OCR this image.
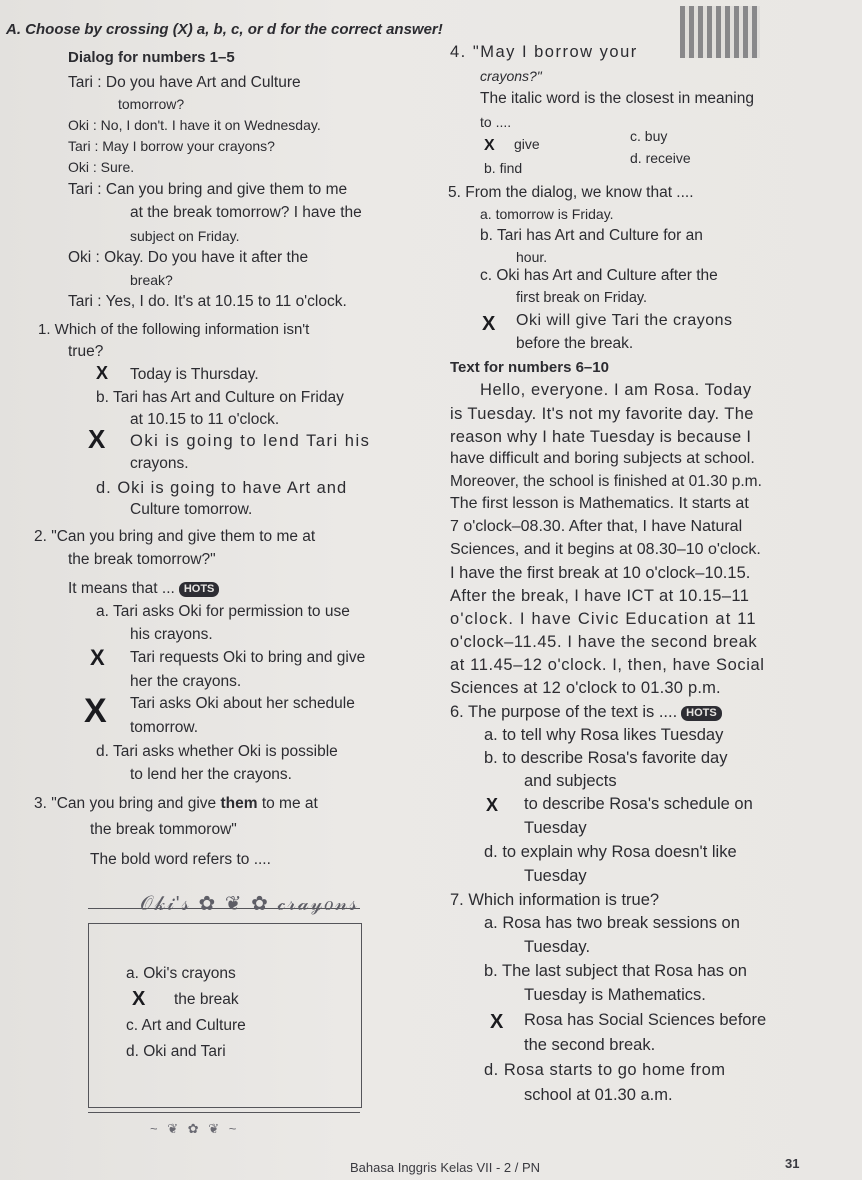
A. Choose by crossing (X) a, b, c, or d for the correct answer!
Dialog for numbers 1–5
Tari : Do you have Art and Culture
tomorrow?
Oki : No, I don't. I have it on Wednesday.
Tari : May I borrow your crayons?
Oki : Sure.
Tari : Can you bring and give them to me
at the break tomorrow? I have the
subject on Friday.
Oki : Okay. Do you have it after the
break?
Tari : Yes, I do. It's at 10.15 to 11 o'clock.
1. Which of the following information isn't
true?
X Today is Thursday.
b. Tari has Art and Culture on Friday
at 10.15 to 11 o'clock.
X Oki is going to lend Tari his
crayons.
d. Oki is going to have Art and
Culture tomorrow.
2. "Can you bring and give them to me at
the break tomorrow?"
It means that ... HOTS
a. Tari asks Oki for permission to use
his crayons.
X Tari requests Oki to bring and give
her the crayons.
X Tari asks Oki about her schedule
tomorrow.
d. Tari asks whether Oki is possible
to lend her the crayons.
3. "Can you bring and give them to me at
the break tommorow"
The bold word refers to ....
𝒪𝓀𝒾'𝓈 ✿ ❦ ✿ 𝒸𝓇𝒶𝓎𝑜𝓃𝓈
a. Oki's crayons
X the break
c. Art and Culture
d. Oki and Tari
~ ❦ ✿ ❦ ~
4. "May I borrow your
crayons?"
The italic word is the closest in meaning
to ....
X give	c. buy
b. find
d. receive
5. From the dialog, we know that ....
a. tomorrow is Friday.
b. Tari has Art and Culture for an
hour.
c. Oki has Art and Culture after the
first break on Friday.
X Oki will give Tari the crayons
before the break.
Text for numbers 6–10
Hello, everyone. I am Rosa. Today
is Tuesday. It's not my favorite day. The
reason why I hate Tuesday is because I
have difficult and boring subjects at school.
Moreover, the school is finished at 01.30 p.m.
The first lesson is Mathematics. It starts at
7 o'clock–08.30. After that, I have Natural
Sciences, and it begins at 08.30–10 o'clock.
I have the first break at 10 o'clock–10.15.
After the break, I have ICT at 10.15–11
o'clock. I have Civic Education at 11
o'clock–11.45. I have the second break
at 11.45–12 o'clock. I, then, have Social
Sciences at 12 o'clock to 01.30 p.m.
6. The purpose of the text is .... HOTS
a. to tell why Rosa likes Tuesday
b. to describe Rosa's favorite day
and subjects
X to describe Rosa's schedule on
Tuesday
d. to explain why Rosa doesn't like
Tuesday
7. Which information is true?
a. Rosa has two break sessions on
Tuesday.
b. The last subject that Rosa has on
Tuesday is Mathematics.
X Rosa has Social Sciences before
the second break.
d. Rosa starts to go home from
school at 01.30 a.m.
Bahasa Inggris Kelas VII - 2 / PN	31
